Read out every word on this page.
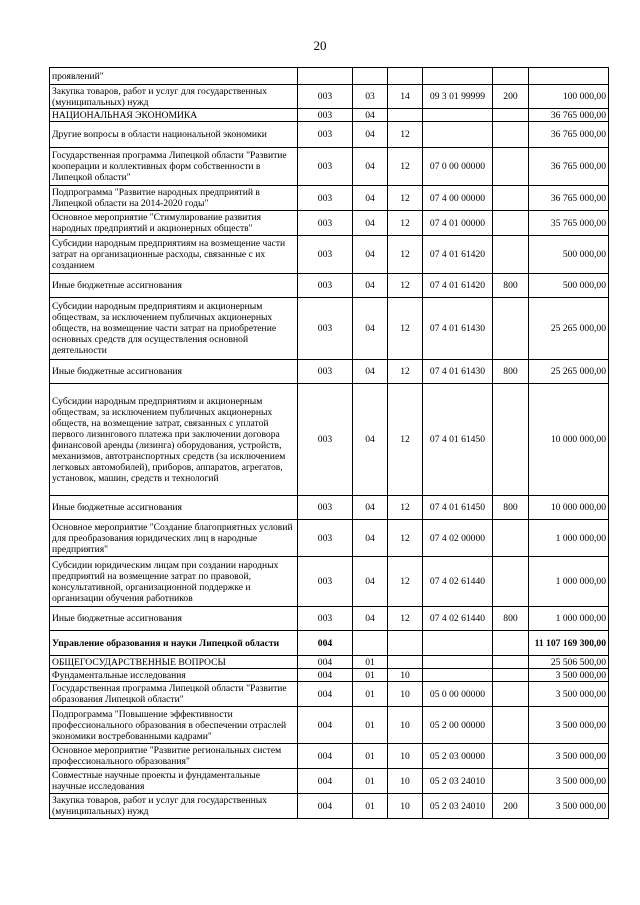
20
проявлений"						
Закупка товаров, работ и услуг для государственных (муниципальных) нужд	003	03	14	09 3 01 99999	200	100 000,00
НАЦИОНАЛЬНАЯ ЭКОНОМИКА	003	04				36 765 000,00
Другие вопросы в области национальной экономики	003	04	12			36 765 000,00
Государственная программа Липецкой области "Развитие кооперации и коллективных форм собственности в Липецкой области"	003	04	12	07 0 00 00000		36 765 000,00
Подпрограмма "Развитие народных предприятий в Липецкой области на 2014-2020 годы"	003	04	12	07 4 00 00000		36 765 000,00
Основное мероприятие "Стимулирование развития народных предприятий и акционерных обществ"	003	04	12	07 4 01 00000		35 765 000,00
Субсидии народным предприятиям на возмещение части затрат на организационные расходы, связанные с их созданием	003	04	12	07 4 01 61420		500 000,00
Иные бюджетные ассигнования	003	04	12	07 4 01 61420	800	500 000,00
Субсидии народным предприятиям и акционерным обществам, за исключением публичных акционерных обществ, на возмещение части затрат на приобретение основных средств для осуществления основной деятельности	003	04	12	07 4 01 61430		25 265 000,00
Иные бюджетные ассигнования	003	04	12	07 4 01 61430	800	25 265 000,00
Субсидии народным предприятиям и акционерным обществам, за исключением публичных акционерных обществ, на возмещение затрат, связанных с уплатой первого лизингового платежа при заключении договора финансовой аренды (лизинга) оборудования, устройств, механизмов, автотранспортных средств (за исключением легковых автомобилей), приборов, аппаратов, агрегатов, установок, машин, средств и технологий	003	04	12	07 4 01 61450		10 000 000,00
Иные бюджетные ассигнования	003	04	12	07 4 01 61450	800	10 000 000,00
Основное мероприятие "Создание благоприятных условий для преобразования юридических лиц в народные предприятия"	003	04	12	07 4 02 00000		1 000 000,00
Субсидии юридическим лицам при создании народных предприятий на возмещение затрат по правовой, консультативной, организационной поддержке и организации обучения работников	003	04	12	07 4 02 61440		1 000 000,00
Иные бюджетные ассигнования	003	04	12	07 4 02 61440	800	1 000 000,00
Управление образования и науки Липецкой области	004					11 107 169 300,00
ОБЩЕГОСУДАРСТВЕННЫЕ ВОПРОСЫ	004	01				25 506 500,00
Фундаментальные исследования	004	01	10			3 500 000,00
Государственная программа Липецкой области "Развитие образования Липецкой области"	004	01	10	05 0 00 00000		3 500 000,00
Подпрограмма "Повышение эффективности профессионального образования в обеспечении отраслей экономики востребованными кадрами"	004	01	10	05 2 00 00000		3 500 000,00
Основное мероприятие "Развитие региональных систем профессионального образования"	004	01	10	05 2 03 00000		3 500 000,00
Совместные научные проекты и фундаментальные научные исследования	004	01	10	05 2 03 24010		3 500 000,00
Закупка товаров, работ и услуг для государственных (муниципальных) нужд	004	01	10	05 2 03 24010	200	3 500 000,00
